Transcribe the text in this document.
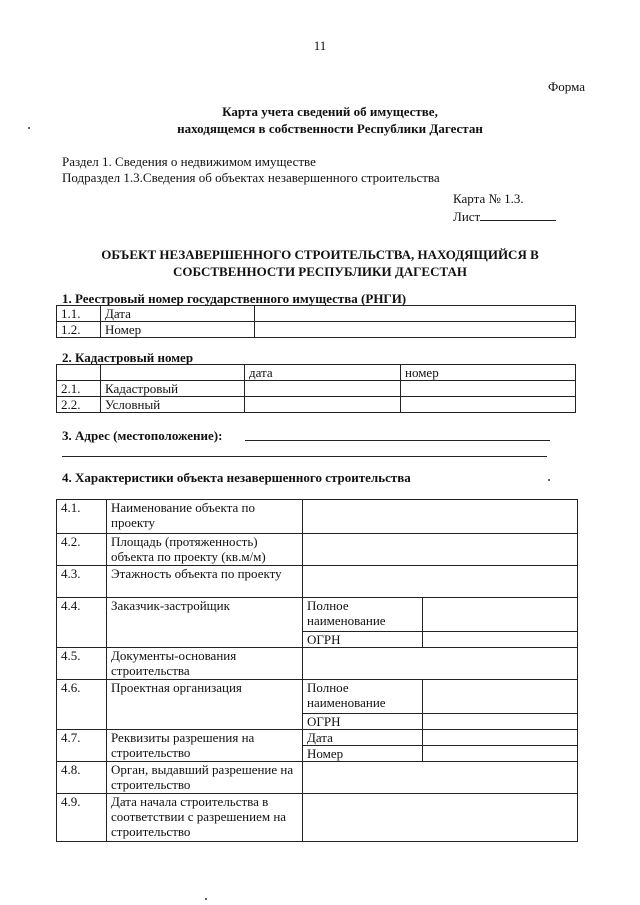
11
Форма
Карта учета сведений об имуществе,
находящемся в собственности Республики Дагестан
Раздел 1. Сведения о недвижимом имуществе
Подраздел 1.3.Сведения об объектах незавершенного строительства
Карта № 1.3.
Лист
ОБЪЕКТ НЕЗАВЕРШЕННОГО СТРОИТЕЛЬСТВА, НАХОДЯЩИЙСЯ В
СОБСТВЕННОСТИ РЕСПУБЛИКИ ДАГЕСТАН
1. Реестровый номер государственного имущества (РНГИ)
1.1.	Дата	
1.2.	Номер	
2. Кадастровый номер
		дата	номер
2.1.	Кадастровый		
2.2.	Условный		
3. Адрес (местоположение):
4. Характеристики объекта незавершенного строительства
4.1.	Наименование объекта по проекту		
4.2.	Площадь (протяженность) объекта по проекту (кв.м/м)		
4.3.	Этажность объекта по проекту		
4.4.	Заказчик-застройщик	Полное наименование	
		ОГРН	
4.5.	Документы-основания строительства		
4.6.	Проектная организация	Полное наименование	
		ОГРН	
4.7.	Реквизиты разрешения на строительство	Дата	
		Номер	
4.8.	Орган, выдавший разрешение на строительство		
4.9.	Дата начала строительства в соответствии с разрешением на строительство		
